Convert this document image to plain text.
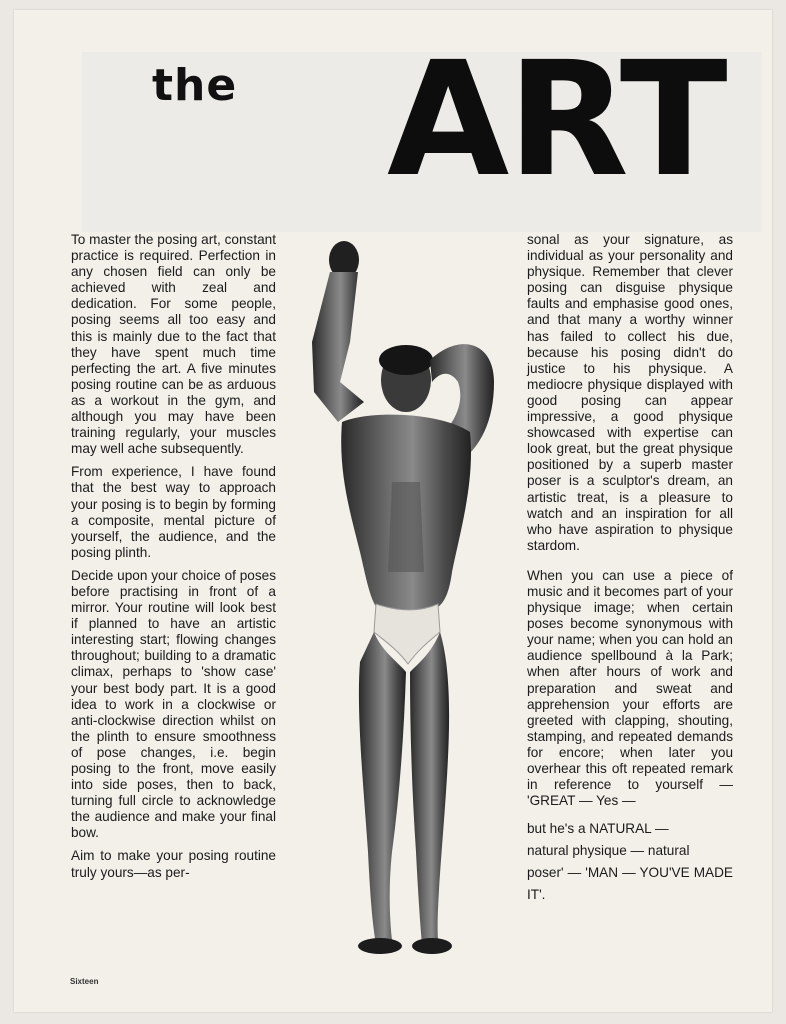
the ART

To master the posing art, constant practice is required. Perfection in any chosen field can only be achieved with zeal and dedication. For some people, posing seems all too easy and this is mainly due to the fact that they have spent much time perfecting the art. A five minutes posing routine can be as arduous as a workout in the gym, and although you may have been training regularly, your muscles may well ache subsequently.

From experience, I have found that the best way to approach your posing is to begin by forming a composite, mental picture of yourself, the audience, and the posing plinth.

Decide upon your choice of poses before practising in front of a mirror. Your routine will look best if planned to have an artistic interesting start; flowing changes throughout; building to a dramatic climax, perhaps to 'show case' your best body part. It is a good idea to work in a clockwise or anti-clockwise direction whilst on the plinth to ensure smoothness of pose changes, i.e. begin posing to the front, move easily into side poses, then to back, turning full circle to acknowledge the audience and make your final bow.

Aim to make your posing routine truly yours—as per-

sonal as your signature, as individual as your personality and physique. Remember that clever posing can disguise physique faults and emphasise good ones, and that many a worthy winner has failed to collect his due, because his posing didn't do justice to his physique. A mediocre physique displayed with good posing can appear impressive, a good physique showcased with expertise can look great, but the great physique positioned by a superb master poser is a sculptor's dream, an artistic treat, is a pleasure to watch and an inspiration for all who have aspiration to physique stardom.

When you can use a piece of music and it becomes part of your physique image; when certain poses become synonymous with your name; when you can hold an audience spellbound à la Park; when after hours of work and preparation and sweat and apprehension your efforts are greeted with clapping, shouting, stamping, and repeated demands for encore; when later you overhear this oft repeated remark in reference to yourself — 'GREAT — Yes —

but he's a NATURAL —
natural physique — natural
poser' — 'MAN — YOU'VE MADE IT'.
Sixteen
